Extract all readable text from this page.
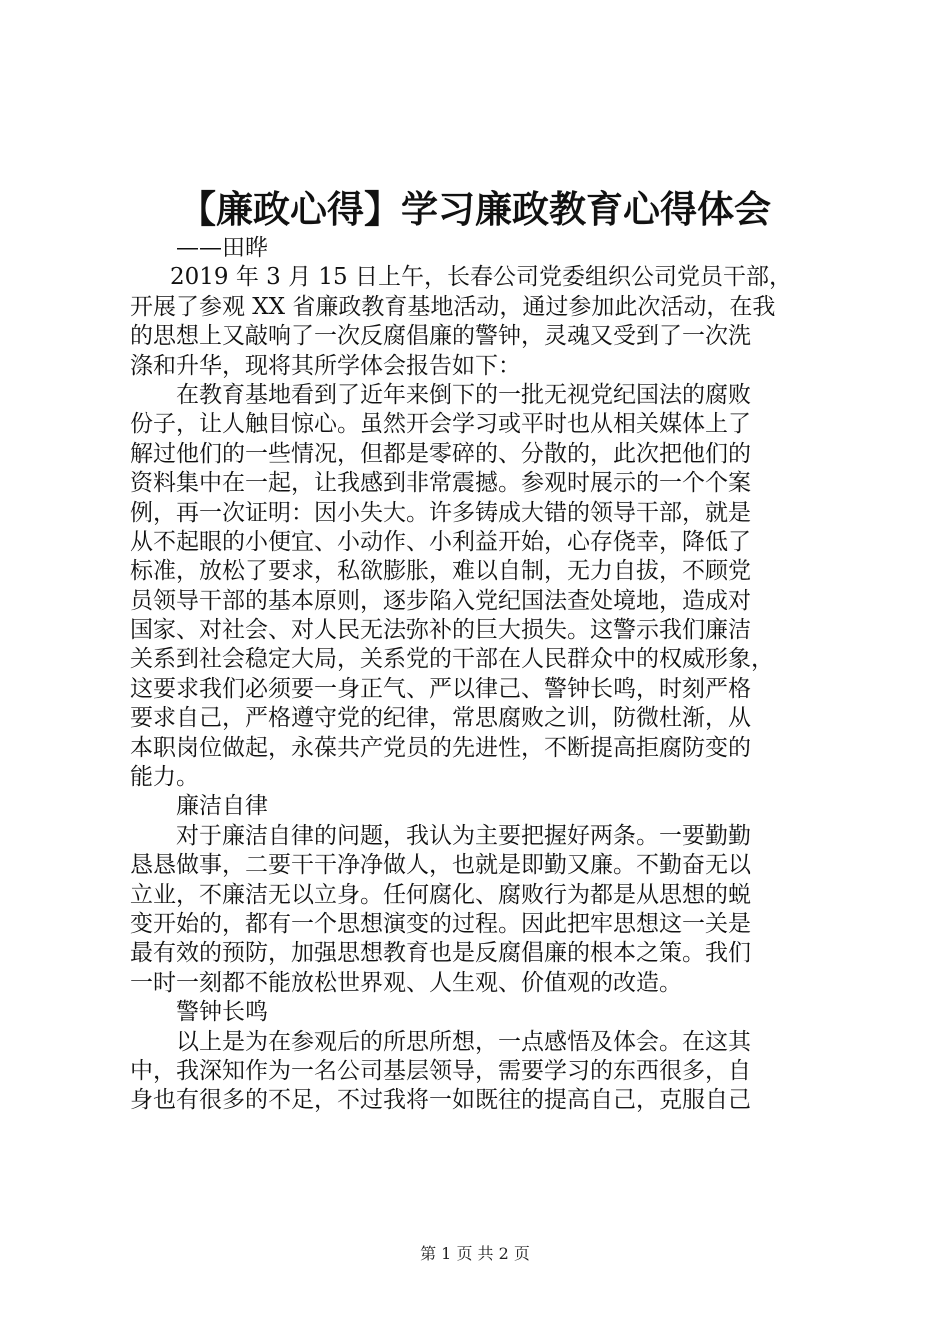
【廉政心得】学习廉政教育心得体会
——田晔
2019 年 3 月 15 日上午，长春公司党委组织公司党员干部，
开展了参观 XX 省廉政教育基地活动，通过参加此次活动，在我
的思想上又敲响了一次反腐倡廉的警钟，灵魂又受到了一次洗
涤和升华，现将其所学体会报告如下：
在教育基地看到了近年来倒下的一批无视党纪国法的腐败
份子，让人触目惊心。虽然开会学习或平时也从相关媒体上了
解过他们的一些情况，但都是零碎的、分散的，此次把他们的
资料集中在一起，让我感到非常震撼。参观时展示的一个个案
例，再一次证明：因小失大。许多铸成大错的领导干部，就是
从不起眼的小便宜、小动作、小利益开始，心存侥幸，降低了
标准，放松了要求，私欲膨胀，难以自制，无力自拔，不顾党
员领导干部的基本原则，逐步陷入党纪国法查处境地，造成对
国家、对社会、对人民无法弥补的巨大损失。这警示我们廉洁
关系到社会稳定大局，关系党的干部在人民群众中的权威形象，
这要求我们必须要一身正气、严以律己、警钟长鸣，时刻严格
要求自己，严格遵守党的纪律，常思腐败之训，防微杜渐，从
本职岗位做起，永葆共产党员的先进性，不断提高拒腐防变的
能力。
廉洁自律
对于廉洁自律的问题，我认为主要把握好两条。一要勤勤
恳恳做事，二要干干净净做人，也就是即勤又廉。不勤奋无以
立业，不廉洁无以立身。任何腐化、腐败行为都是从思想的蜕
变开始的，都有一个思想演变的过程。因此把牢思想这一关是
最有效的预防，加强思想教育也是反腐倡廉的根本之策。我们
一时一刻都不能放松世界观、人生观、价值观的改造。
警钟长鸣
以上是为在参观后的所思所想，一点感悟及体会。在这其
中，我深知作为一名公司基层领导，需要学习的东西很多，自
身也有很多的不足，不过我将一如既往的提高自己，克服自己
第 1 页 共 2 页
